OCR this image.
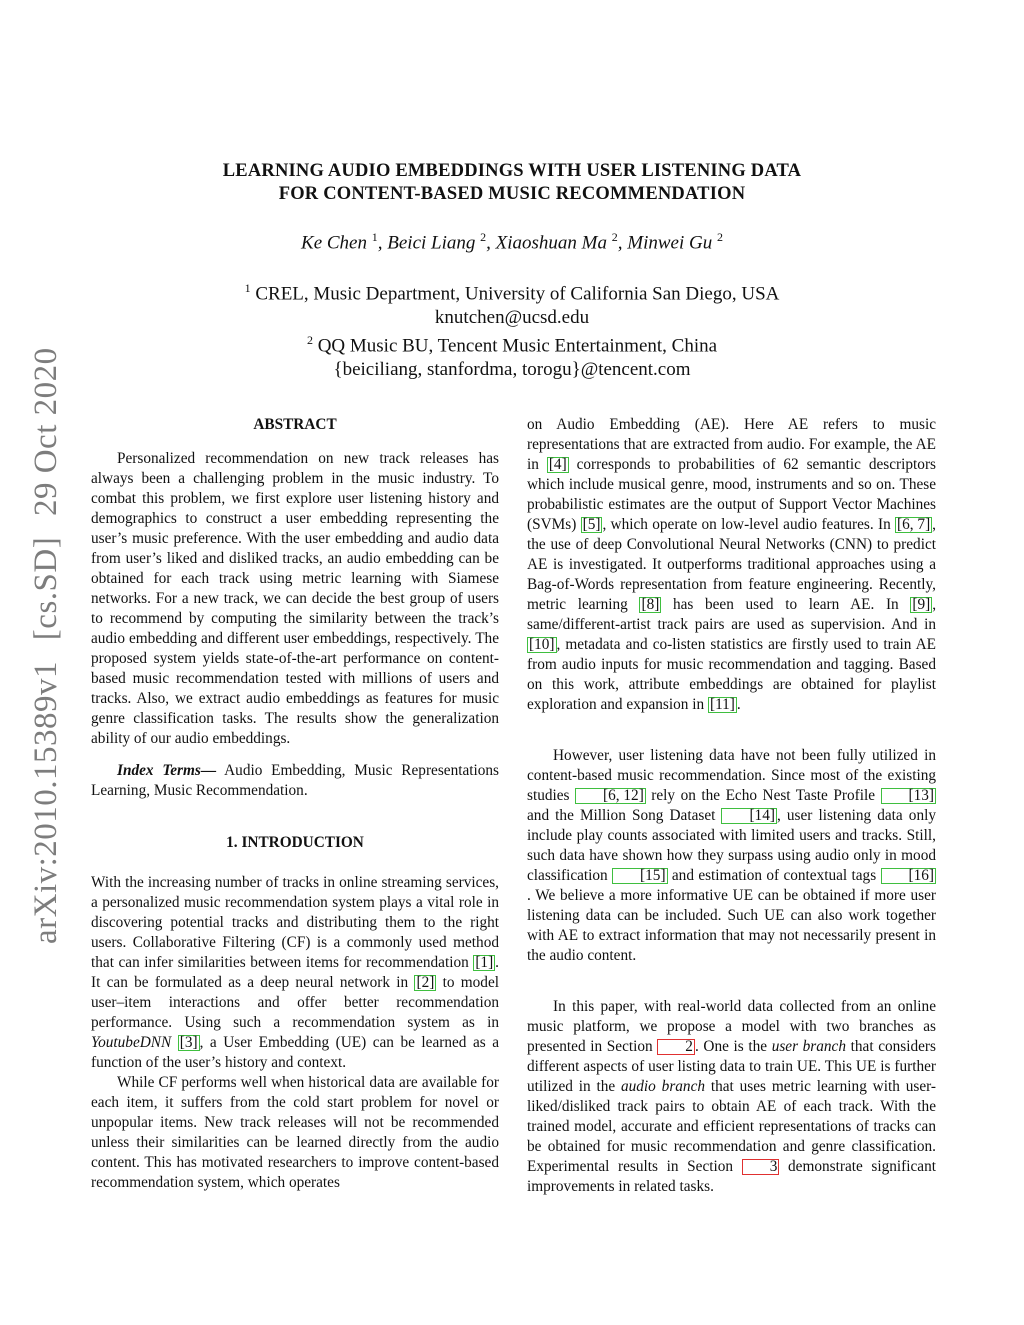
arXiv:2010.15389v1 [cs.SD] 29 Oct 2020
LEARNING AUDIO EMBEDDINGS WITH USER LISTENING DATA
FOR CONTENT-BASED MUSIC RECOMMENDATION
Ke Chen $^1$, Beici Liang $^2$, Xiaoshuan Ma $^2$, Minwei Gu $^2$
$^1$ CREL, Music Department, University of California San Diego, USA
knutchen@ucsd.edu
$^2$ QQ Music BU, Tencent Music Entertainment, China
{beiciliang, stanfordma, torogu}@tencent.com
ABSTRACT

Personalized recommendation on new track releases has always been a challenging problem in the music industry. To combat this problem, we first explore user listening history and demographics to construct a user embedding representing the user’s music preference. With the user embedding and audio data from user’s liked and disliked tracks, an audio embedding can be obtained for each track using metric learning with Siamese networks. For a new track, we can decide the best group of users to recommend by computing the similarity between the track’s audio embedding and different user embeddings, respectively. The proposed system yields state-of-the-art performance on content-based music recommendation tested with millions of users and tracks. Also, we extract audio embeddings as features for music genre classification tasks. The results show the generalization ability of our audio embeddings.

Index Terms— Audio Embedding, Music Representations Learning, Music Recommendation.

1. INTRODUCTION

With the increasing number of tracks in online streaming services, a personalized music recommendation system plays a vital role in discovering potential tracks and distributing them to the right users. Collaborative Filtering (CF) is a commonly used method that can infer similarities between items for recommendation [1] . It can be formulated as a deep neural network in [2] to model user–item interactions and offer better recommendation performance. Using such a recommendation system as in YoutubeDNN [3] , a User Embedding (UE) can be learned as a function of the user’s history and context.

While CF performs well when historical data are available for each item, it suffers from the cold start problem for novel or unpopular items. New track releases will not be recommended unless their similarities can be learned directly from the audio content. This has motivated researchers to improve content-based recommendation system, which operates

on Audio Embedding (AE). Here AE refers to music representations that are extracted from audio. For example, the AE in [4] corresponds to probabilities of 62 semantic descriptors which include musical genre, mood, instruments and so on. These probabilistic estimates are the output of Support Vector Machines (SVMs) [5] , which operate on low-level audio features. In [6, 7] , the use of deep Convolutional Neural Networks (CNN) to predict AE is investigated. It outperforms traditional approaches using a Bag-of-Words representation from feature engineering. Recently, metric learning [8] has been used to learn AE. In [9] , same/different-artist track pairs are used as supervision. And in [10] , metadata and co-listen statistics are firstly used to train AE from audio inputs for music recommendation and tagging. Based on this work, attribute embeddings are obtained for playlist exploration and expansion in [11] .

However, user listening data have not been fully utilized in content-based music recommendation. Since most of the existing studies [6, 12] rely on the Echo Nest Taste Profile [13] and the Million Song Dataset [14] , user listening data only include play counts associated with limited users and tracks. Still, such data have shown how they surpass using audio only in mood classification [15] and estimation of contextual tags [16]. We believe a more informative UE can be obtained if more user listening data can be included. Such UE can also work together with AE to extract information that may not necessarily present in the audio content.

In this paper, with real-world data collected from an online music platform, we propose a model with two branches as presented in Section 2 . One is the user branch that considers different aspects of user listing data to train UE. This UE is further utilized in the audio branch that uses metric learning with user-liked/disliked track pairs to obtain AE of each track. With the trained model, accurate and efficient representations of tracks can be obtained for music recommendation and genre classification. Experimental results in Section 3 demonstrate significant improvements in related tasks.
